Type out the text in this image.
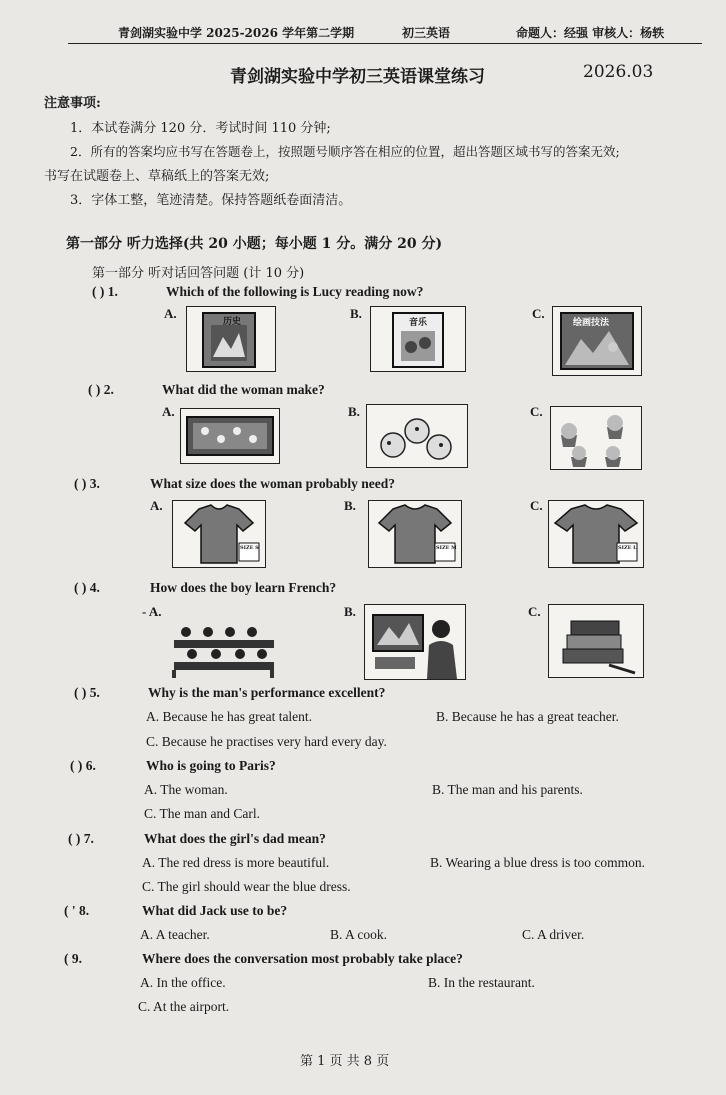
青剑湖实验中学 2025-2026 学年第二学期	初三英语	命题人：经强 审核人：杨轶
青剑湖实验中学初三英语课堂练习	2026.03
注意事项:
1．本试卷满分 120 分．考试时间 110 分钟;
2．所有的答案均应书写在答题卷上，按照题号顺序答在相应的位置，超出答题区域书写的答案无效;
书写在试题卷上、草稿纸上的答案无效;
3．字体工整，笔迹清楚。保持答题纸卷面清洁。
第一部分 听力选择(共 20 小题；每小题 1 分。满分 20 分)
第一部分 听对话回答问题 (计 10 分)
( ) 1.	Which of the following is Lucy reading now?
A.	B.	C.
历史	音乐	绘画技法
( ) 2.	What did the woman make?
A.	B.	C.
( ) 3.	What size does the woman probably need?
A.	B.	C.
SIZE S	SIZE M	SIZE L
( ) 4.	How does the boy learn French?
- A.	B.	C.
( ) 5.	Why is the man's performance excellent?
A. Because he has great talent.	B. Because he has a great teacher.
C. Because he practises very hard every day.
( ) 6.	Who is going to Paris?
A. The woman.	B. The man and his parents.
C. The man and Carl.
( ) 7.	What does the girl's dad mean?
A. The red dress is more beautiful.	B. Wearing a blue dress is too common.
C. The girl should wear the blue dress.
( ' 8.	What did Jack use to be?
A. A teacher.	B. A cook.	C. A driver.
( 9.	Where does the conversation most probably take place?
A. In the office.	B. In the restaurant.
C. At the airport.
第 1 页 共 8 页
